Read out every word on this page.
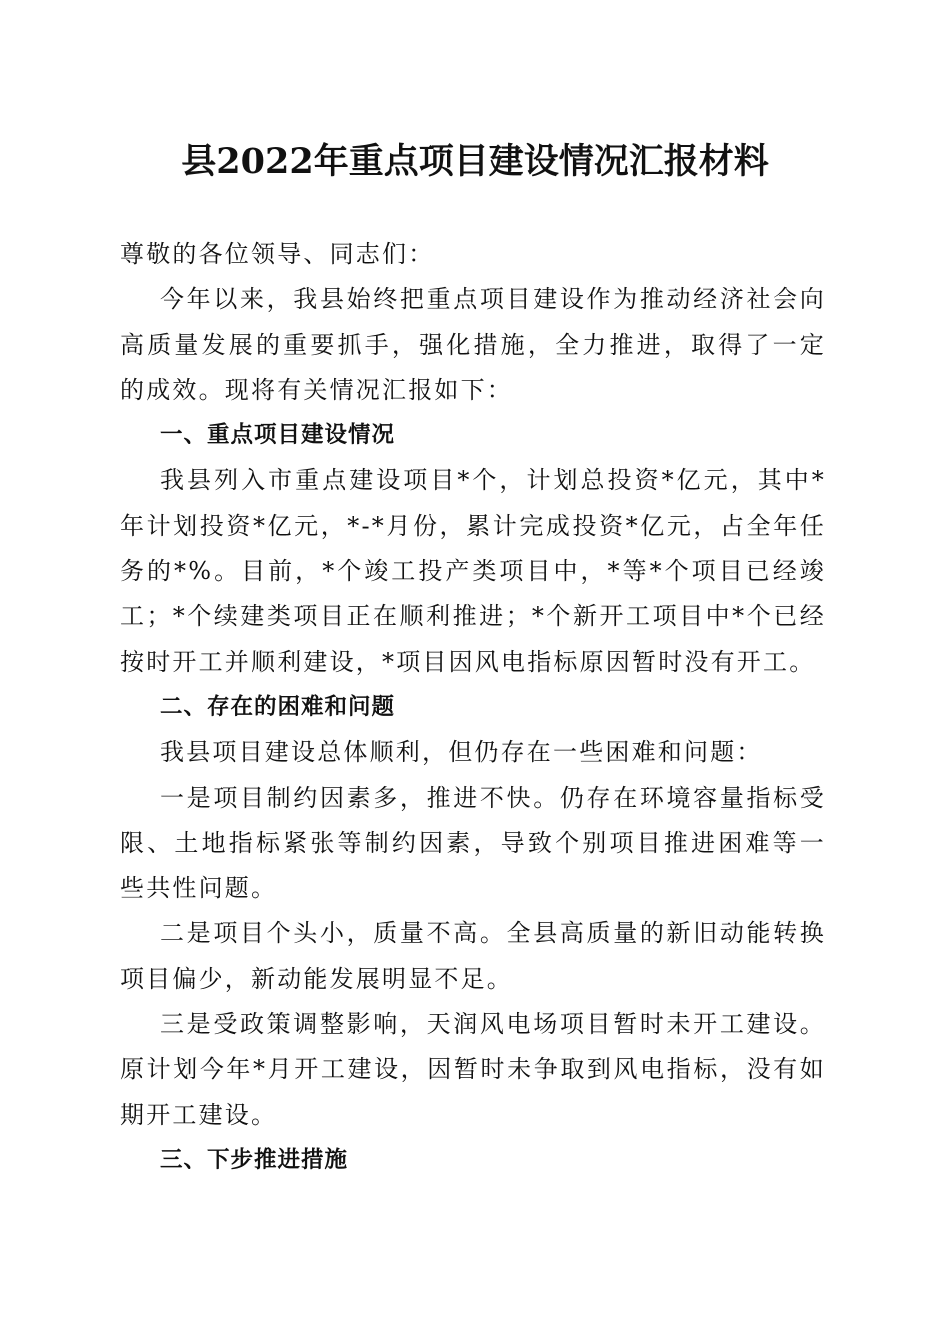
县2022年重点项目建设情况汇报材料

尊敬的各位领导、同志们：

今年以来，我县始终把重点项目建设作为推动经济社会向高质量发展的重要抓手，强化措施，全力推进，取得了一定的成效。现将有关情况汇报如下：

一、重点项目建设情况

我县列入市重点建设项目*个，计划总投资*亿元，其中*年计划投资*亿元，*-*月份，累计完成投资*亿元，占全年任务的*%。目前，*个竣工投产类项目中，*等*个项目已经竣工；*个续建类项目正在顺利推进；*个新开工项目中*个已经按时开工并顺利建设，*项目因风电指标原因暂时没有开工。

二、存在的困难和问题

我县项目建设总体顺利，但仍存在一些困难和问题：

一是项目制约因素多，推进不快。仍存在环境容量指标受限、土地指标紧张等制约因素，导致个别项目推进困难等一些共性问题。

二是项目个头小，质量不高。全县高质量的新旧动能转换项目偏少，新动能发展明显不足。

三是受政策调整影响，天润风电场项目暂时未开工建设。原计划今年*月开工建设，因暂时未争取到风电指标，没有如期开工建设。

三、下步推进措施
